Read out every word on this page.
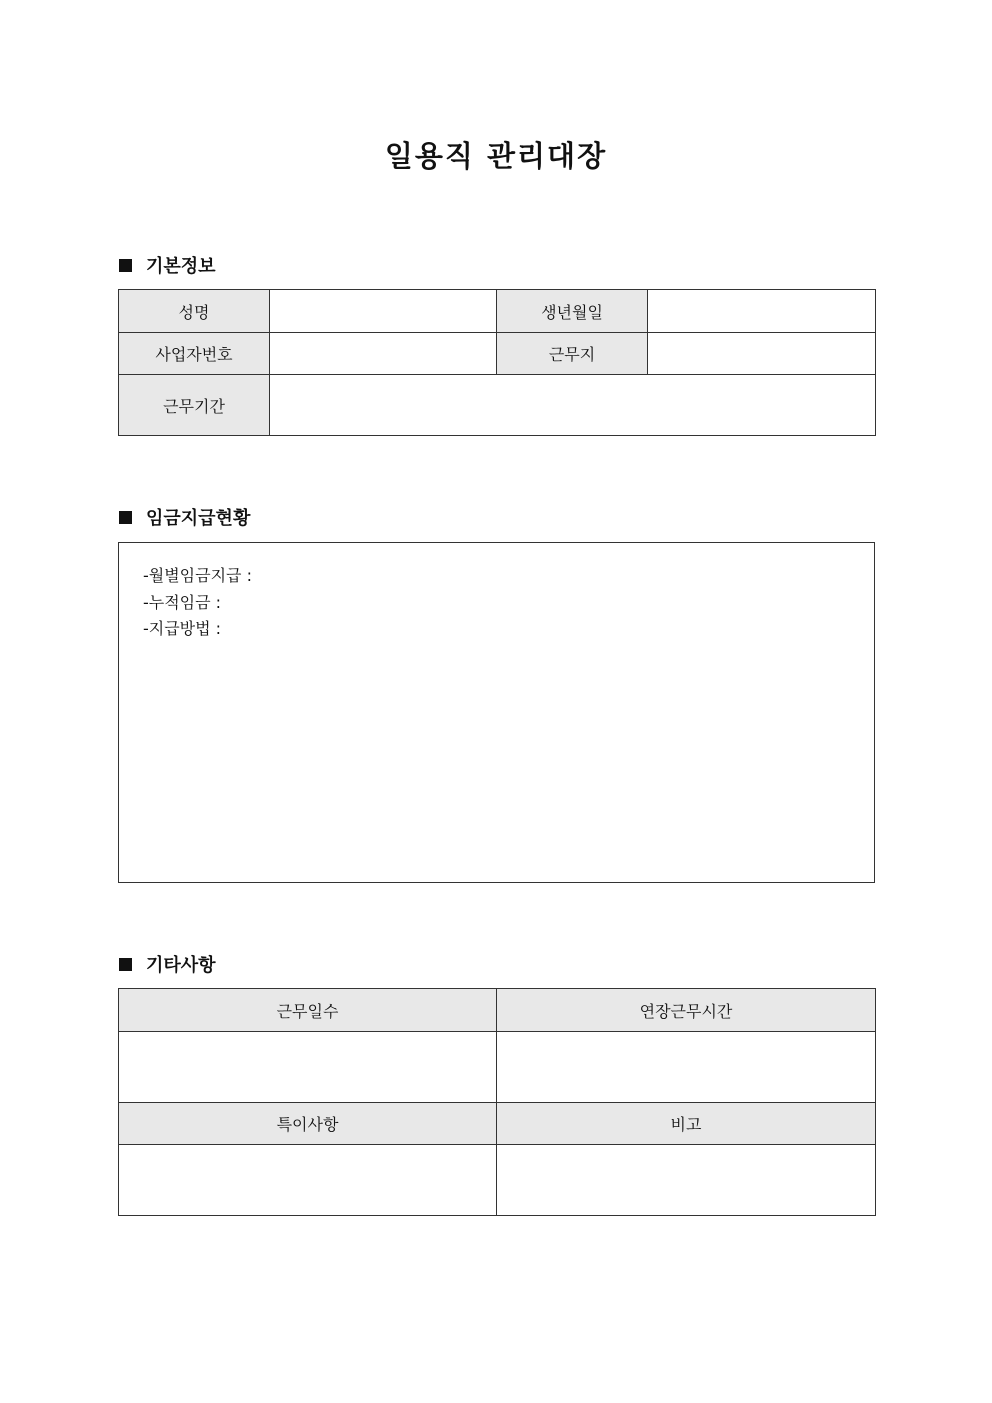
일용직 관리대장
기본정보
성명		생년월일	
사업자번호		근무지	
근무기간			
임금지급현황
-월별임금지급 :
-누적임금 :
-지급방법 :
기타사항
근무일수	연장근무시간

특이사항	비고
